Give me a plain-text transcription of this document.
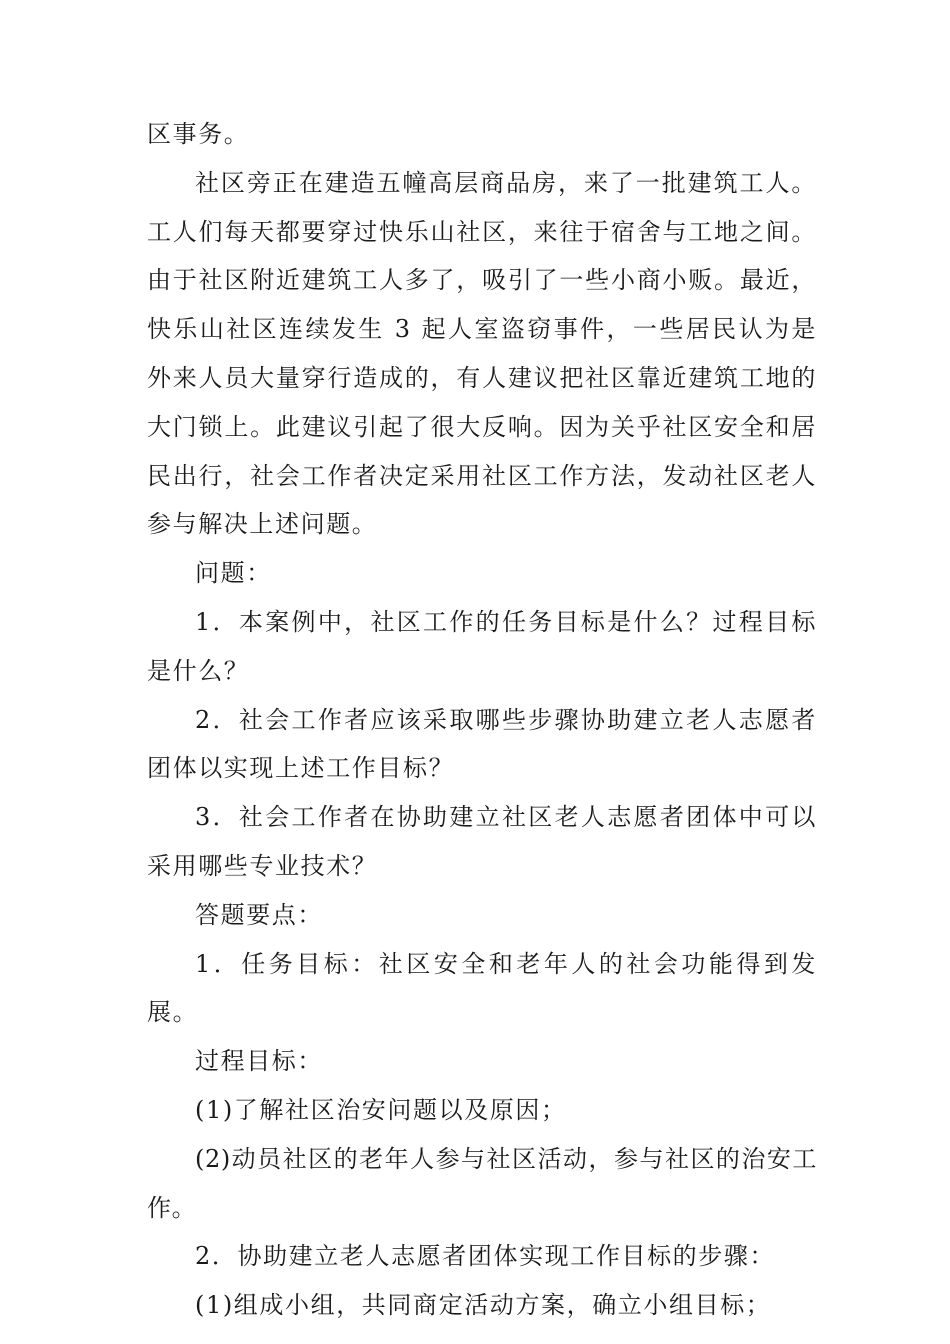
区事务。

社区旁正在建造五幢高层商品房，来了一批建筑工人。工人们每天都要穿过快乐山社区，来往于宿舍与工地之间。由于社区附近建筑工人多了，吸引了一些小商小贩。最近，快乐山社区连续发生 3 起人室盗窃事件，一些居民认为是外来人员大量穿行造成的，有人建议把社区靠近建筑工地的大门锁上。此建议引起了很大反响。因为关乎社区安全和居民出行，社会工作者决定采用社区工作方法，发动社区老人参与解决上述问题。

问题：

1．本案例中，社区工作的任务目标是什么？过程目标是什么？

2．社会工作者应该采取哪些步骤协助建立老人志愿者团体以实现上述工作目标？

3．社会工作者在协助建立社区老人志愿者团体中可以采用哪些专业技术？

答题要点：

1．任务目标：社区安全和老年人的社会功能得到发展。

过程目标：

(1)了解社区治安问题以及原因；

(2)动员社区的老年人参与社区活动，参与社区的治安工作。

2．协助建立老人志愿者团体实现工作目标的步骤：

(1)组成小组，共同商定活动方案，确立小组目标；
